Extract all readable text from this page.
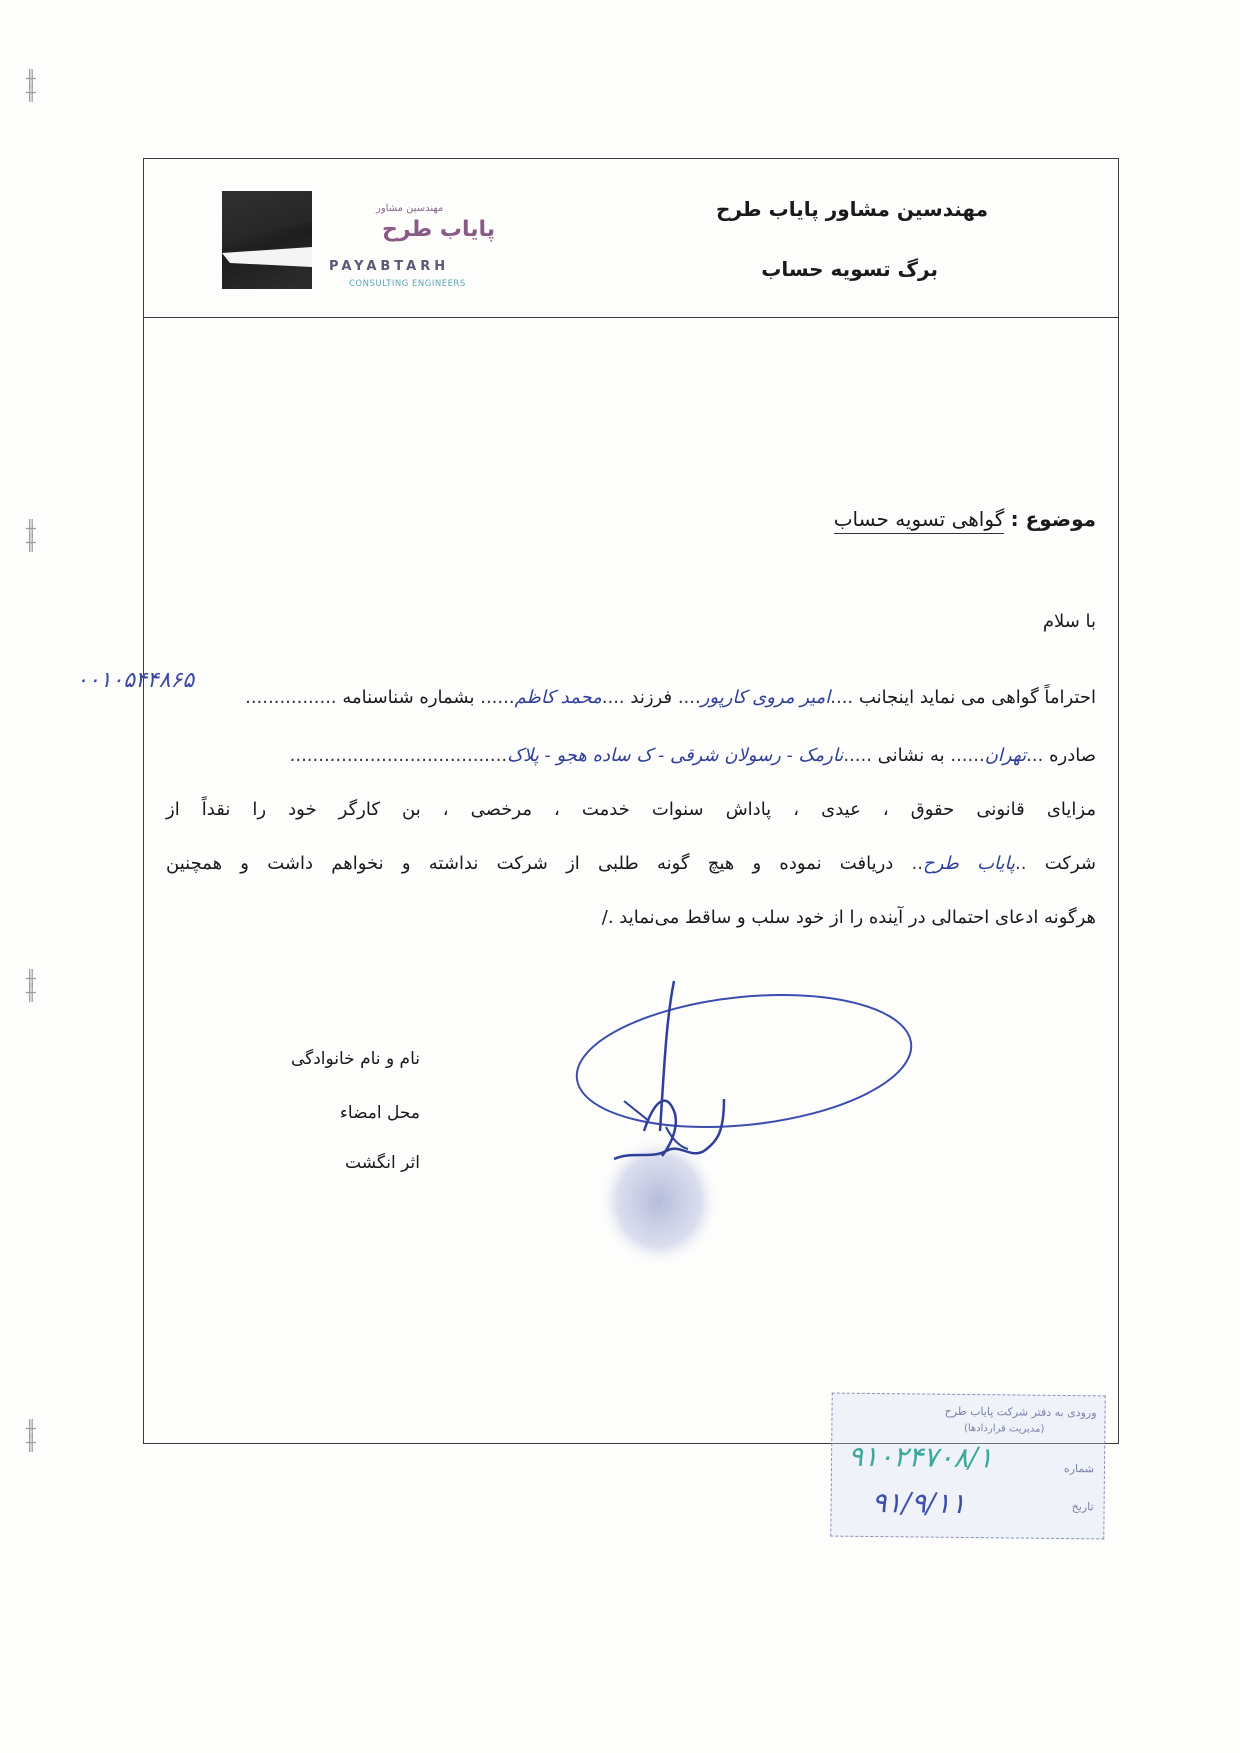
╫
╫
╫
╫
╫
╫
╫
╫
مهندسین مشاور
پایاب طرح
PAYABTARH
CONSULTING ENGINEERS
مهندسین مشاور پایاب طرح
برگ تسویه حساب
موضوع : گواهی تسویه حساب
با سلام
احتراماً گواهی می نماید اینجانب ....امیر مروی کارپور.... فرزند ....محمد کاظم...... بشماره شناسنامه ................
صادره ...تهران...... به نشانی .....نارمک - رسولان شرقی - ک ساده هجو - پلاک......................................
مزایای قانونی حقوق ، عیدی ، پاداش سنوات خدمت ، مرخصی ، بن کارگر خود را نقداً از
شرکت ..پایاب طرح.. دریافت نموده و هیچ گونه طلبی از شرکت نداشته و نخواهم داشت و همچنین
هرگونه ادعای احتمالی در آینده را از خود سلب و ساقط می‌نماید ./
نام و نام خانوادگی
محل امضاء
اثر انگشت
ورودی به دفتر شرکت پایاب طرح
(مدیریت قراردادها)
شماره
تاریخ
۹۱۰۲۴۷۰۸/۱
۹۱/۹/۱۱
۰۰۱۰۵۴۴۸۶۵
